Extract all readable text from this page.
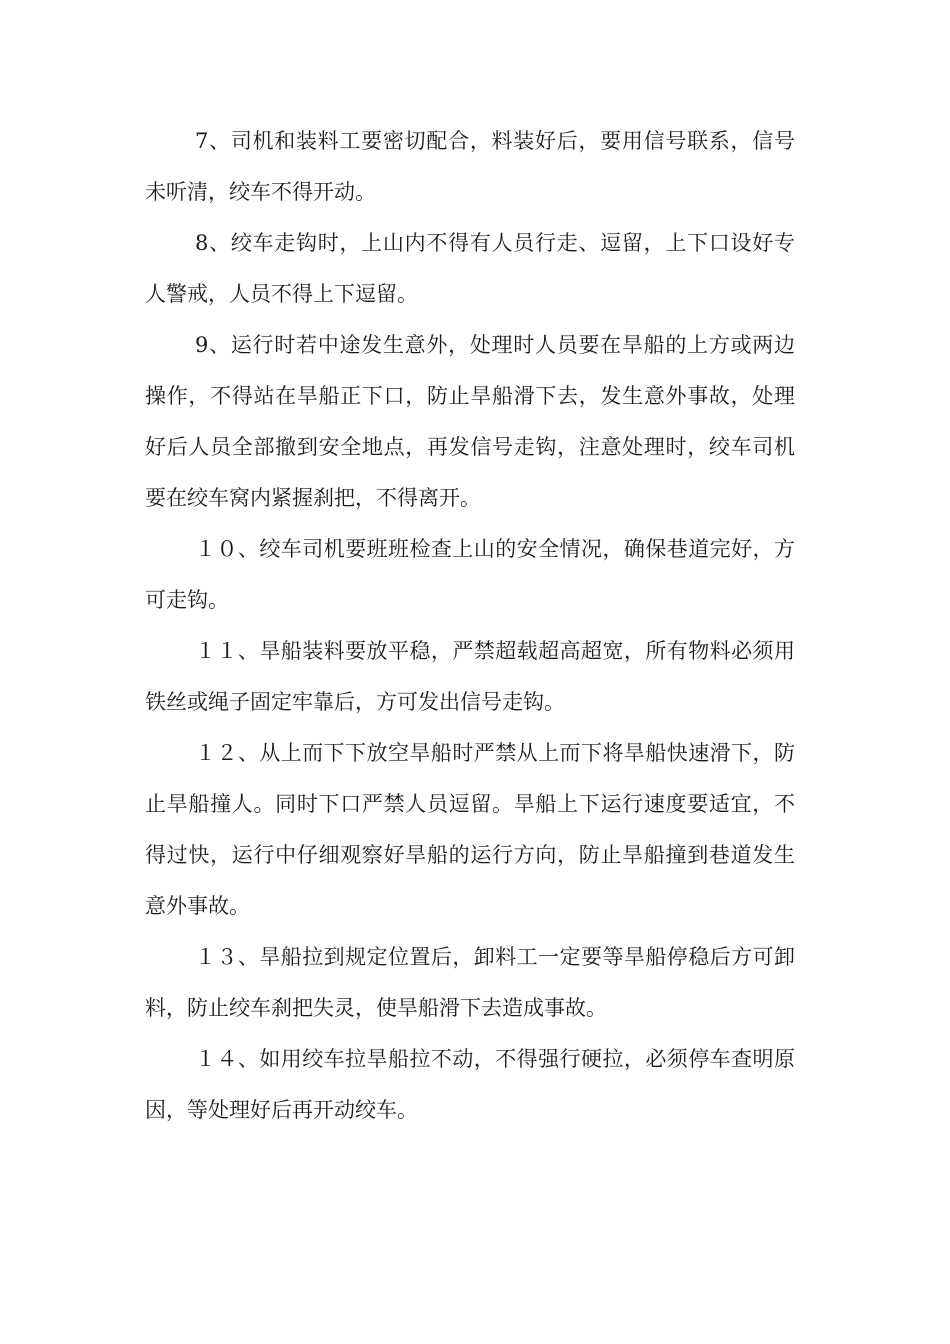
7、司机和装料工要密切配合，料装好后，要用信号联系，信号未听清，绞车不得开动。

8、绞车走钩时，上山内不得有人员行走、逗留，上下口设好专人警戒，人员不得上下逗留。

9、运行时若中途发生意外，处理时人员要在旱船的上方或两边操作，不得站在旱船正下口，防止旱船滑下去，发生意外事故，处理好后人员全部撤到安全地点，再发信号走钩，注意处理时，绞车司机要在绞车窝内紧握刹把，不得离开。

１０、绞车司机要班班检查上山的安全情况，确保巷道完好，方可走钩。

１１、旱船装料要放平稳，严禁超载超高超宽，所有物料必须用铁丝或绳子固定牢靠后，方可发出信号走钩。

１２、从上而下下放空旱船时严禁从上而下将旱船快速滑下，防止旱船撞人。同时下口严禁人员逗留。旱船上下运行速度要适宜，不得过快，运行中仔细观察好旱船的运行方向，防止旱船撞到巷道发生意外事故。

１３、旱船拉到规定位置后，卸料工一定要等旱船停稳后方可卸料，防止绞车刹把失灵，使旱船滑下去造成事故。

１４、如用绞车拉旱船拉不动，不得强行硬拉，必须停车查明原因，等处理好后再开动绞车。
